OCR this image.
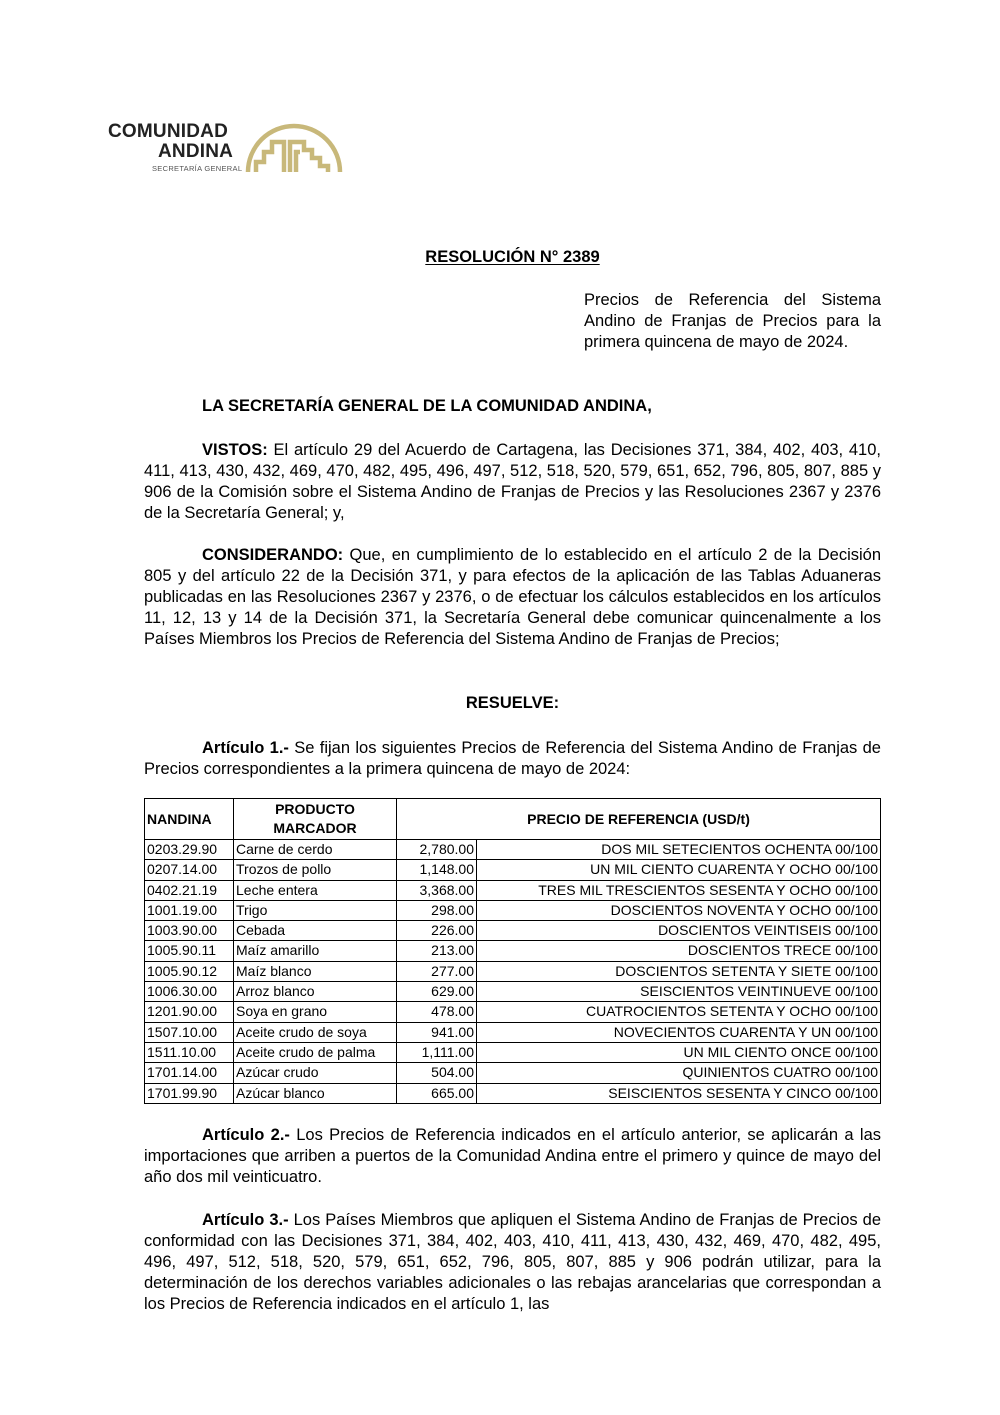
COMUNIDAD
ANDINA
SECRETARÍA GENERAL
RESOLUCIÓN N° 2389
Precios de Referencia del Sistema Andino de Franjas de Precios para la primera quincena de mayo de 2024.
LA SECRETARÍA GENERAL DE LA COMUNIDAD ANDINA,
VISTOS: El artículo 29 del Acuerdo de Cartagena, las Decisiones 371, 384, 402, 403, 410, 411, 413, 430, 432, 469, 470, 482, 495, 496, 497, 512, 518, 520, 579, 651, 652, 796, 805, 807, 885 y 906 de la Comisión sobre el Sistema Andino de Franjas de Precios y las Resoluciones 2367 y 2376 de la Secretaría General; y,
CONSIDERANDO: Que, en cumplimiento de lo establecido en el artículo 2 de la Decisión 805 y del artículo 22 de la Decisión 371, y para efectos de la aplicación de las Tablas Aduaneras publicadas en las Resoluciones 2367 y 2376, o de efectuar los cálculos establecidos en los artículos 11, 12, 13 y 14 de la Decisión 371, la Secretaría General debe comunicar quincenalmente a los Países Miembros los Precios de Referencia del Sistema Andino de Franjas de Precios;
RESUELVE:
Artículo 1.- Se fijan los siguientes Precios de Referencia del Sistema Andino de Franjas de Precios correspondientes a la primera quincena de mayo de 2024:
NANDINA	PRODUCTO MARCADOR	PRECIO DE REFERENCIA (USD/t)	
0203.29.90	Carne de cerdo	2,780.00	DOS MIL SETECIENTOS OCHENTA 00/100
0207.14.00	Trozos de pollo	1,148.00	UN MIL CIENTO CUARENTA Y OCHO 00/100
0402.21.19	Leche entera	3,368.00	TRES MIL TRESCIENTOS SESENTA Y OCHO 00/100
1001.19.00	Trigo	298.00	DOSCIENTOS NOVENTA Y OCHO 00/100
1003.90.00	Cebada	226.00	DOSCIENTOS VEINTISEIS 00/100
1005.90.11	Maíz amarillo	213.00	DOSCIENTOS TRECE 00/100
1005.90.12	Maíz blanco	277.00	DOSCIENTOS SETENTA Y SIETE 00/100
1006.30.00	Arroz blanco	629.00	SEISCIENTOS VEINTINUEVE 00/100
1201.90.00	Soya en grano	478.00	CUATROCIENTOS SETENTA Y OCHO 00/100
1507.10.00	Aceite crudo de soya	941.00	NOVECIENTOS CUARENTA Y UN 00/100
1511.10.00	Aceite crudo de palma	1,111.00	UN MIL CIENTO ONCE 00/100
1701.14.00	Azúcar crudo	504.00	QUINIENTOS CUATRO 00/100
1701.99.90	Azúcar blanco	665.00	SEISCIENTOS SESENTA Y CINCO 00/100
Artículo 2.- Los Precios de Referencia indicados en el artículo anterior, se aplicarán a las importaciones que arriben a puertos de la Comunidad Andina entre el primero y quince de mayo del año dos mil veinticuatro.
Artículo 3.- Los Países Miembros que apliquen el Sistema Andino de Franjas de Precios de conformidad con las Decisiones 371, 384, 402, 403, 410, 411, 413, 430, 432, 469, 470, 482, 495, 496, 497, 512, 518, 520, 579, 651, 652, 796, 805, 807, 885 y 906 podrán utilizar, para la determinación de los derechos variables adicionales o las rebajas arancelarias que correspondan a los Precios de Referencia indicados en el artículo 1, las
